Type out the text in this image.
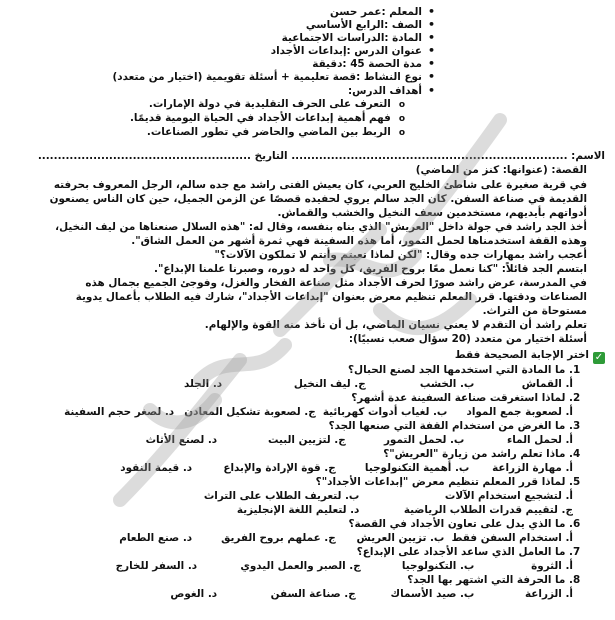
• المعلم :عمر حسن
• الصف :الرابع الأساسي
• المادة :الدراسات الاجتماعية
• عنوان الدرس :إبداعات الأجداد
• مدة الحصة 45 :دقيقة
• نوع النشاط :قصة تعليمية + أسئلة تقويمية (اختيار من متعدد)
• أهداف الدرس:
o التعرف على الحرف التقليدية في دولة الإمارات.
o فهم أهمية إبداعات الأجداد في الحياة اليومية قديمًا.
o الربط بين الماضي والحاضر في تطور الصناعات.
الاسم: ...................................................................... التاريخ ......................................................
القصة: (عنوانها: كنز من الماضي)
في قرية صغيرة على شاطئ الخليج العربي، كان يعيش الفتى راشد مع جده سالم، الرجل المعروف بحرفته
القديمة في صناعة السفن. كان الجد سالم يروي لحفيده قصصًا عن الزمن الجميل، حين كان الناس يصنعون
أدواتهم بأيديهم، مستخدمين سعف النخيل والخشب والقماش.
أخذ الجد راشد في جولة داخل "العريش" الذي بناه بنفسه، وقال له: "هذه السلال صنعناها من ليف النخيل،
وهذه القفة استخدمناها لحمل التمور، أما هذه السفينة فهي ثمرة أشهر من العمل الشاق".
أعجب راشد بمهارات جده وقال: "لكن لماذا تعبتم وأنتم لا تملكون الآلات؟"
ابتسم الجد قائلاً: "كنا نعمل معًا بروح الفريق، كل واحد له دوره، وصبرنا علمنا الإبداع".
في المدرسة، عرض راشد صورًا لحرف الأجداد مثل صناعة الفخار والغزل، وفوجئ الجميع بجمال هذه
الصناعات ودقتها. قرر المعلم تنظيم معرض بعنوان "إبداعات الأجداد"، شارك فيه الطلاب بأعمال يدوية
مستوحاة من التراث.
تعلم راشد أن التقدم لا يعني نسيان الماضي، بل أن نأخذ منه القوة والإلهام.
أسئلة اختيار من متعدد (20 سؤال صعب نسبيًا):
✓اختر الإجابة الصحيحة فقط
1. ما المادة التي استخدمها الجد لصنع الحبال؟
أ. القماش ب. الخشب ج. ليف النخيل د. الجلد
2. لماذا استغرقت صناعة السفينة عدة أشهر؟
أ. لصعوبة جمع المواد ب. لغياب أدوات كهربائية ج. لصعوبة تشكيل المعادن د. لصغر حجم السفينة
3. ما الغرض من استخدام القفة التي صنعها الجد؟
أ. لحمل الماء ب. لحمل التمور ج. لتزيين البيت د. لصنع الأثاث
4. ماذا تعلم راشد من زيارة "العريش"؟
أ. مهارة الزراعة ب. أهمية التكنولوجيا ج. قوة الإرادة والإبداع د. قيمة النقود
5. لماذا قرر المعلم تنظيم معرض "إبداعات الأجداد"؟
أ. لتشجيع استخدام الآلات ب. لتعريف الطلاب على التراث
ج. لتقييم قدرات الطلاب الرياضية د. لتعليم اللغة الإنجليزية
6. ما الذي يدل على تعاون الأجداد في القصة؟
أ. استخدام السفن فقط ب. تزيين العريش ج. عملهم بروح الفريق د. صنع الطعام
7. ما العامل الذي ساعد الأجداد على الإبداع؟
أ. الثروة ب. التكنولوجيا ج. الصبر والعمل اليدوي د. السفر للخارج
8. ما الحرفة التي اشتهر بها الجد؟
أ. الزراعة ب. صيد الأسماك ج. صناعة السفن د. الغوص
